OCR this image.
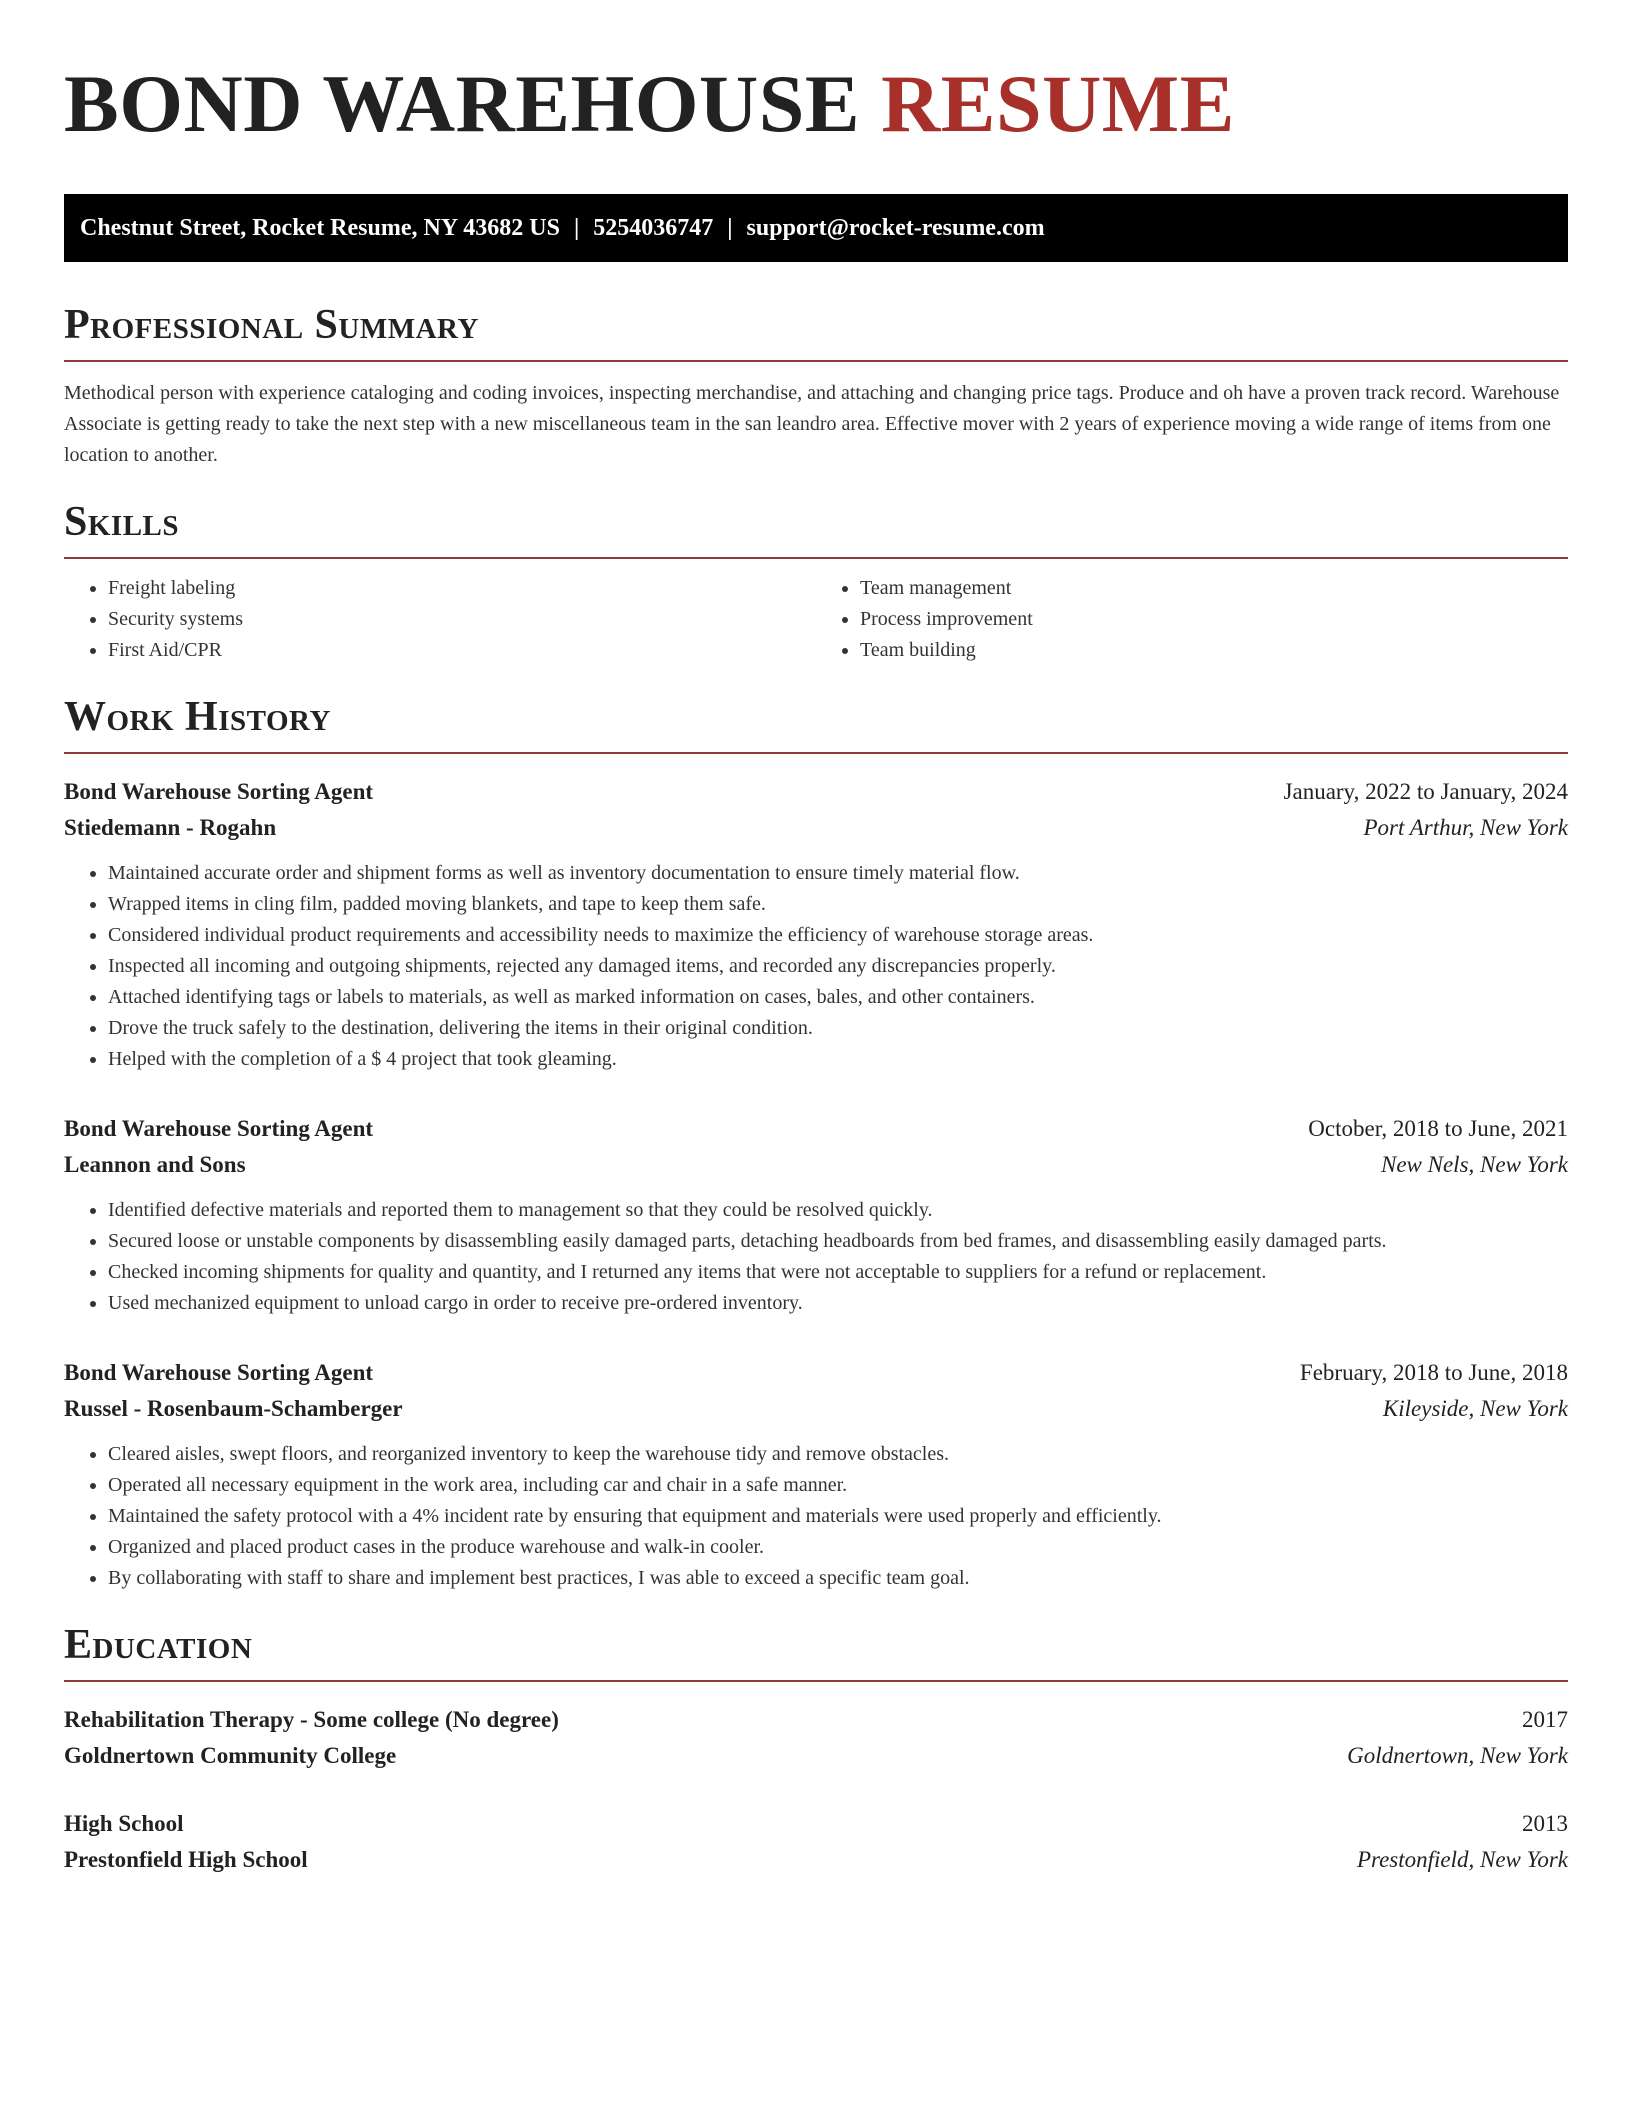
BOND WAREHOUSE RESUME
Chestnut Street, Rocket Resume, NY 43682 US | 5254036747 | support@rocket-resume.com
Professional Summary

Methodical person with experience cataloging and coding invoices, inspecting merchandise, and attaching and changing price tags. Produce and oh have a proven track record. Warehouse Associate is getting ready to take the next step with a new miscellaneous team in the san leandro area. Effective mover with 2 years of experience moving a wide range of items from one location to another.

Skills
• Freight labeling
• Security systems
• First Aid/CPR
• Team management
• Process improvement
• Team building
Work History
Bond Warehouse Sorting Agent	January, 2022 to January, 2024
Stiedemann - Rogahn	Port Arthur, New York
• Maintained accurate order and shipment forms as well as inventory documentation to ensure timely material flow.
• Wrapped items in cling film, padded moving blankets, and tape to keep them safe.
• Considered individual product requirements and accessibility needs to maximize the efficiency of warehouse storage areas.
• Inspected all incoming and outgoing shipments, rejected any damaged items, and recorded any discrepancies properly.
• Attached identifying tags or labels to materials, as well as marked information on cases, bales, and other containers.
• Drove the truck safely to the destination, delivering the items in their original condition.
• Helped with the completion of a $ 4 project that took gleaming.
Bond Warehouse Sorting Agent	October, 2018 to June, 2021
Leannon and Sons	New Nels, New York
• Identified defective materials and reported them to management so that they could be resolved quickly.
• Secured loose or unstable components by disassembling easily damaged parts, detaching headboards from bed frames, and disassembling easily damaged parts.
• Checked incoming shipments for quality and quantity, and I returned any items that were not acceptable to suppliers for a refund or replacement.
• Used mechanized equipment to unload cargo in order to receive pre-ordered inventory.
Bond Warehouse Sorting Agent	February, 2018 to June, 2018
Russel - Rosenbaum-Schamberger	Kileyside, New York
• Cleared aisles, swept floors, and reorganized inventory to keep the warehouse tidy and remove obstacles.
• Operated all necessary equipment in the work area, including car and chair in a safe manner.
• Maintained the safety protocol with a 4% incident rate by ensuring that equipment and materials were used properly and efficiently.
• Organized and placed product cases in the produce warehouse and walk-in cooler.
• By collaborating with staff to share and implement best practices, I was able to exceed a specific team goal.
Education
Rehabilitation Therapy - Some college (No degree)	2017
Goldnertown Community College	Goldnertown, New York
High School	2013
Prestonfield High School	Prestonfield, New York
